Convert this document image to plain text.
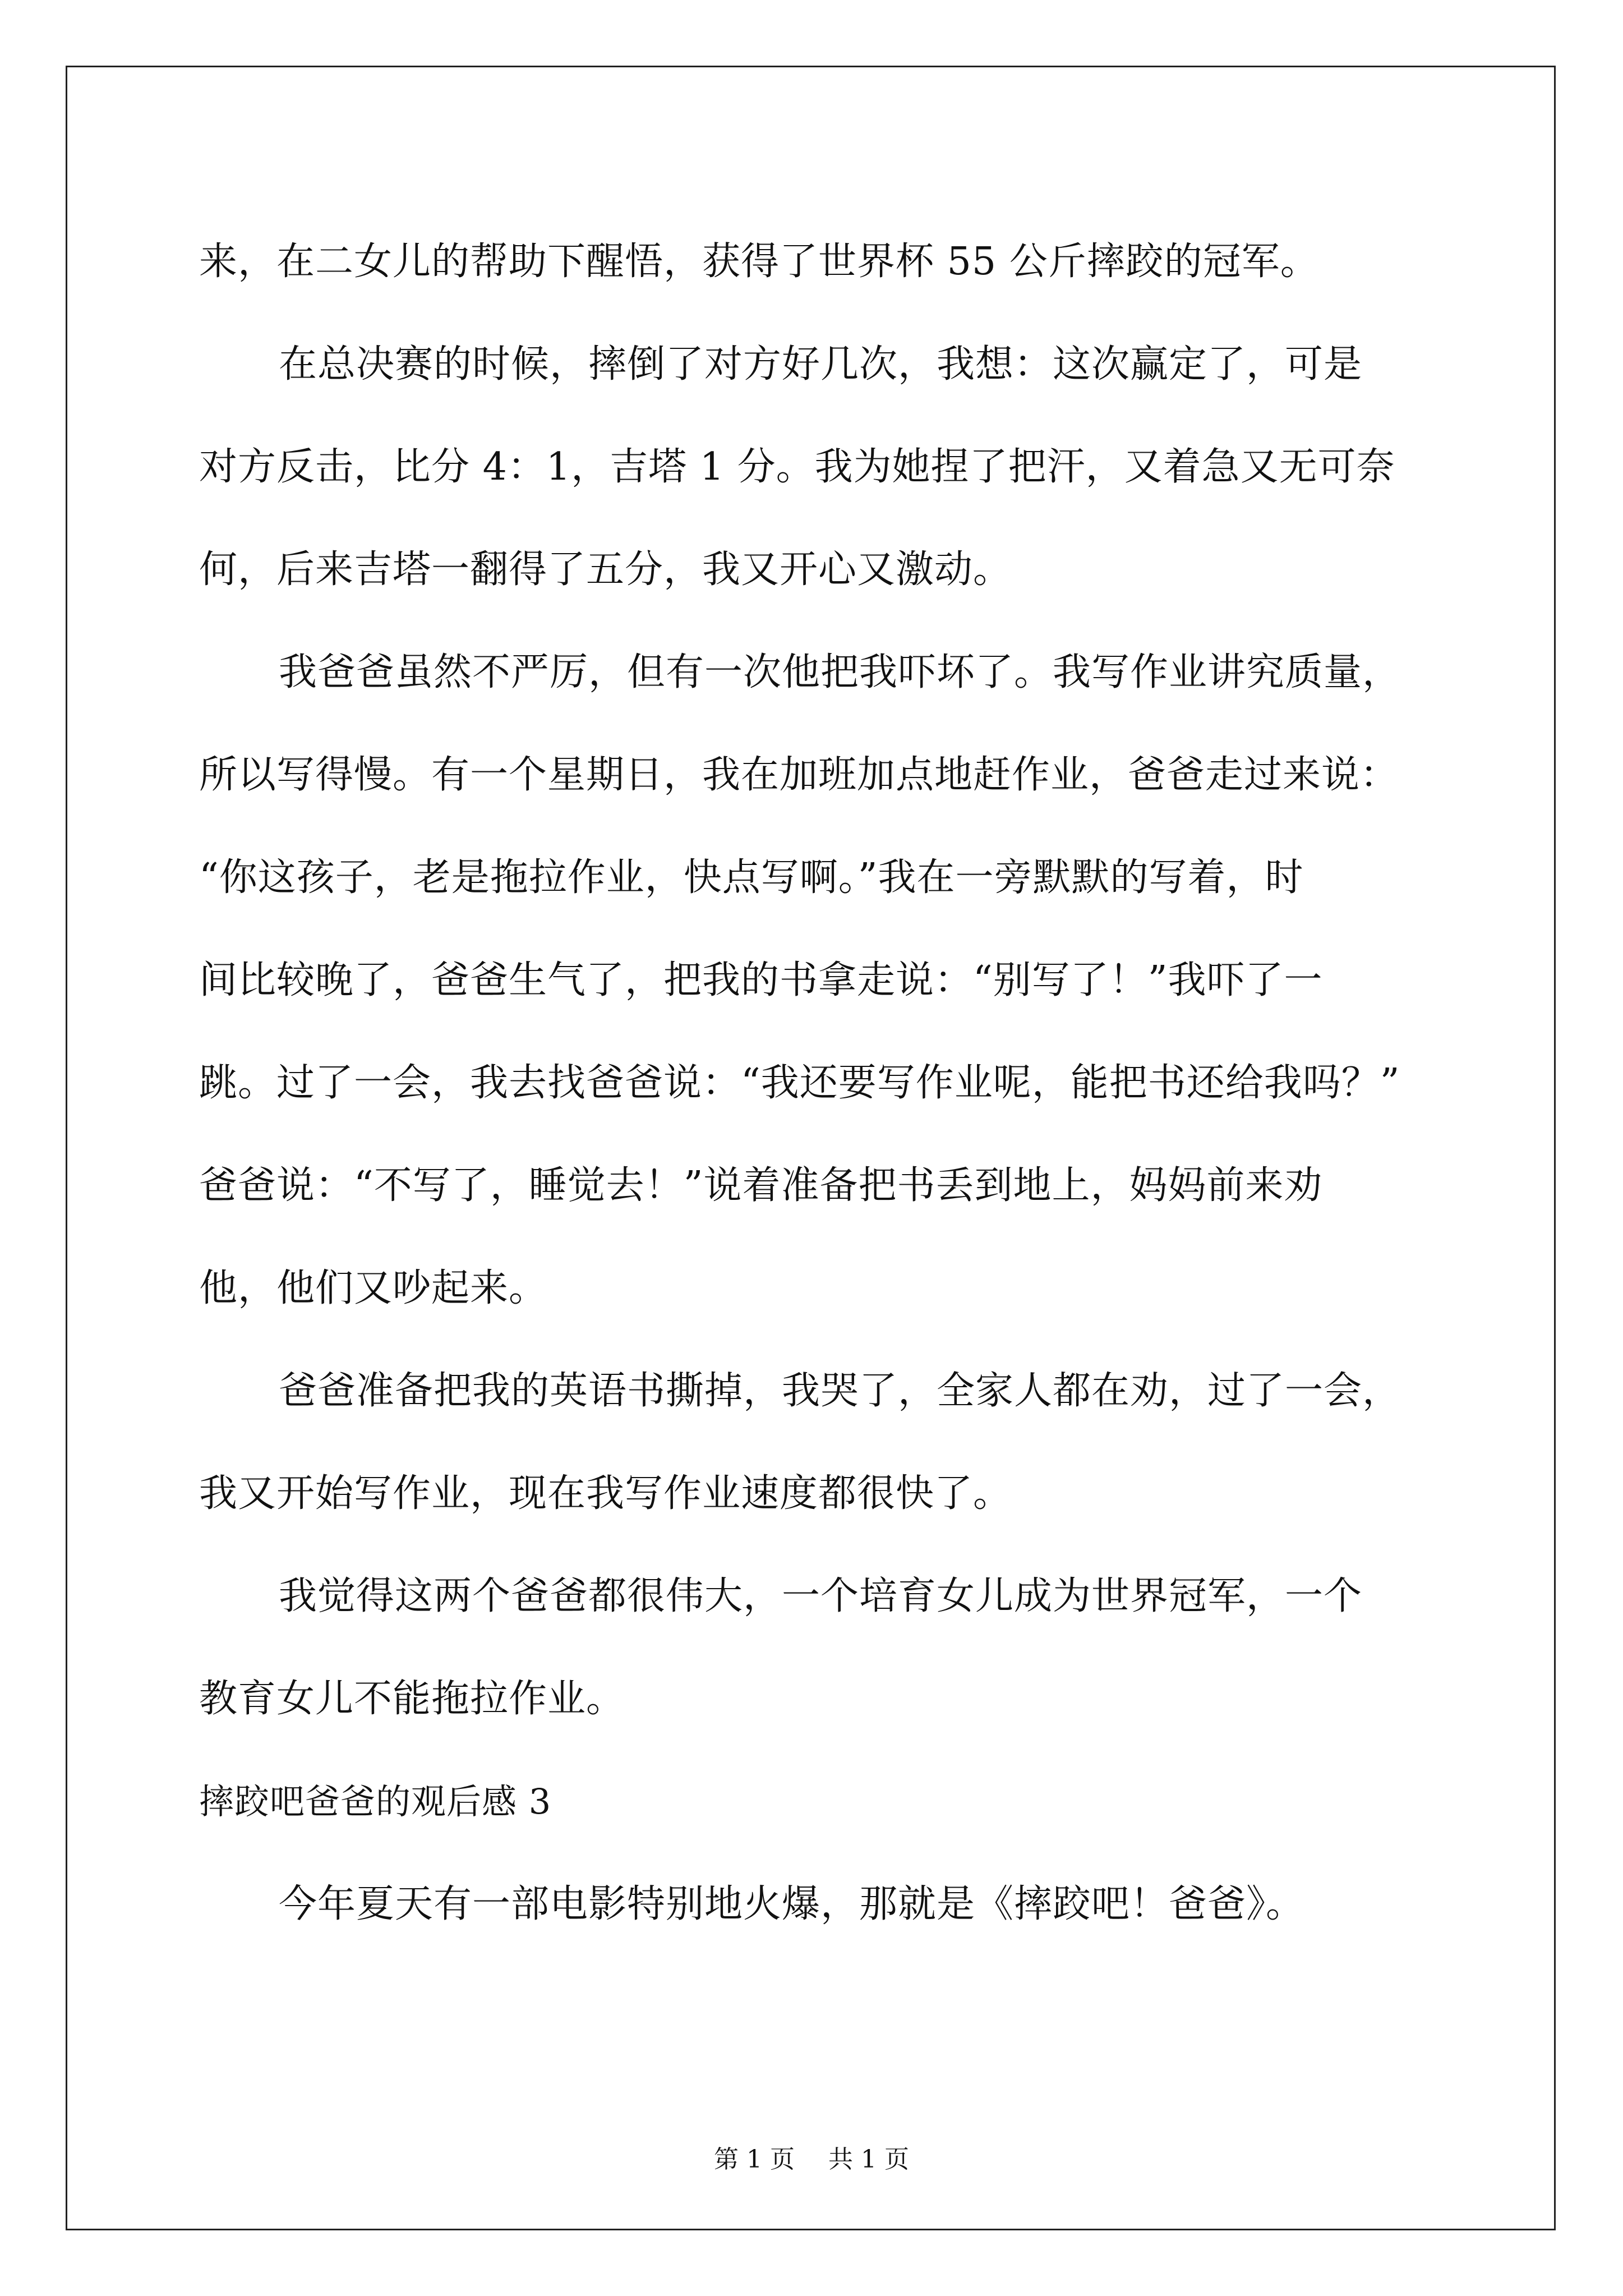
来，在二女儿的帮助下醒悟，获得了世界杯 55 公斤摔跤的冠军。

在总决赛的时候，摔倒了对方好几次，我想：这次赢定了，可是

对方反击，比分 4：1，吉塔 1 分。我为她捏了把汗，又着急又无可奈

何，后来吉塔一翻得了五分，我又开心又激动。

我爸爸虽然不严厉，但有一次他把我吓坏了。我写作业讲究质量，

所以写得慢。有一个星期日，我在加班加点地赶作业，爸爸走过来说：

“你这孩子，老是拖拉作业，快点写啊。”我在一旁默默的写着，时

间比较晚了，爸爸生气了，把我的书拿走说：“别写了！”我吓了一

跳。过了一会，我去找爸爸说：“我还要写作业呢，能把书还给我吗？”

爸爸说：“不写了，睡觉去！”说着准备把书丢到地上，妈妈前来劝

他，他们又吵起来。

爸爸准备把我的英语书撕掉，我哭了，全家人都在劝，过了一会，

我又开始写作业，现在我写作业速度都很快了。

我觉得这两个爸爸都很伟大，一个培育女儿成为世界冠军，一个

教育女儿不能拖拉作业。

摔跤吧爸爸的观后感 3

今年夏天有一部电影特别地火爆，那就是《摔跤吧！爸爸》。

第 1 页 共 1 页
